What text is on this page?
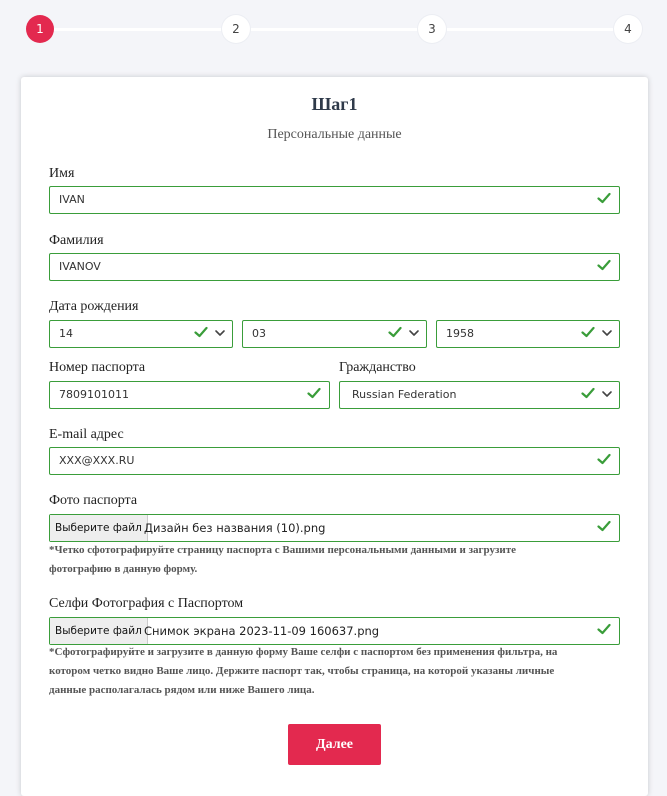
1	2	3	4
Шаг1
Персональные данные
Имя
IVAN
Фамилия
IVANOV
Дата рождения
14	03	1958
Номер паспорта
7809101011
Гражданство
Russian Federation
E-mail адрес
XXX@XXX.RU
Фото паспорта
Выберите файл Дизайн без названия (10).png
*Четко сфотографируйте страницу паспорта с Вашими персональными данными и загрузите
фотографию в данную форму.
Селфи Фотография с Паспортом
Выберите файл Снимок экрана 2023-11-09 160637.png
*Сфотографируйте и загрузите в данную форму Ваше селфи с паспортом без применения фильтра, на
котором четко видно Ваше лицо. Держите паспорт так, чтобы страница, на которой указаны личные
данные располагалась рядом или ниже Вашего лица.
Далее
